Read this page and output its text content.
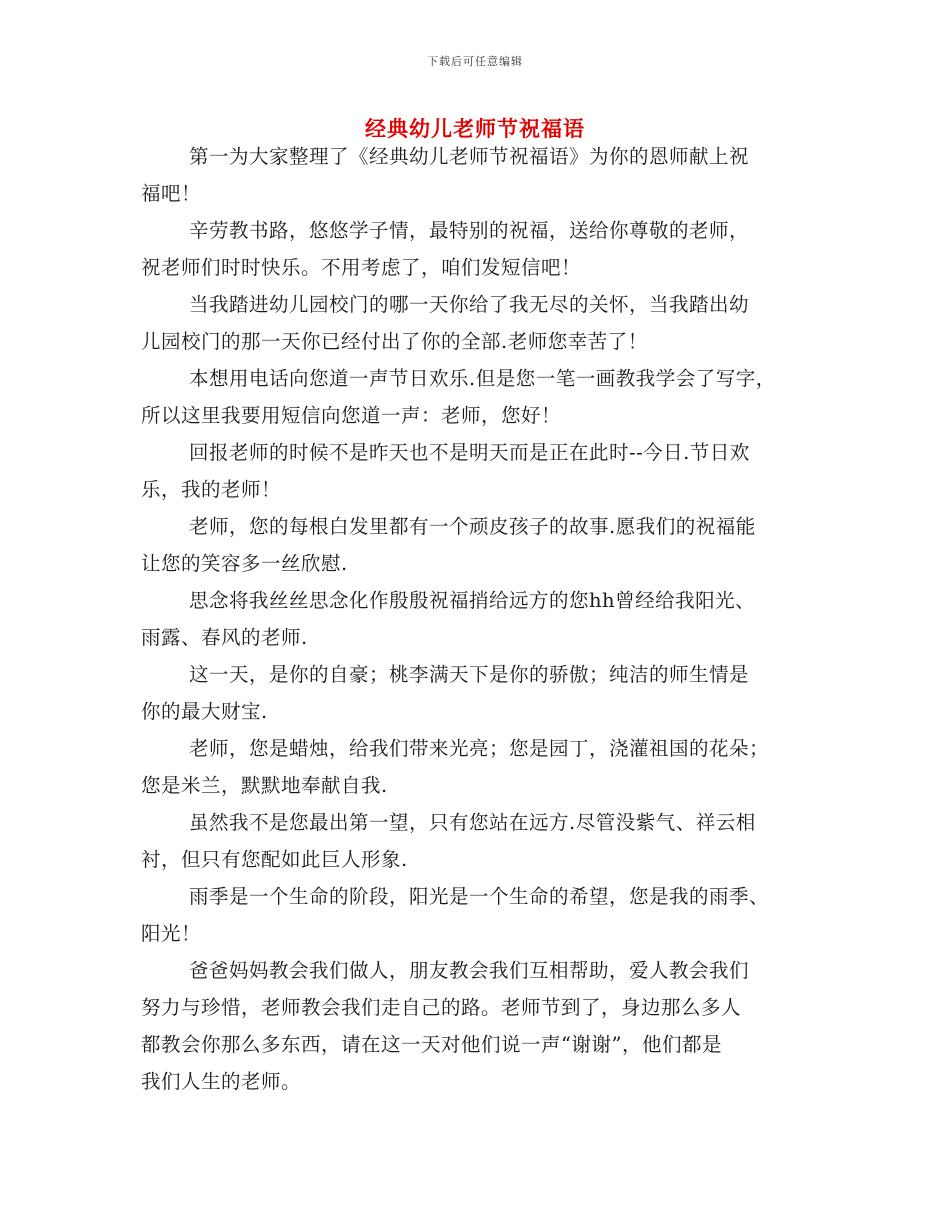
下载后可任意编辑
经典幼儿老师节祝福语

第一为大家整理了《经典幼儿老师节祝福语》为你的恩师献上祝
福吧！

辛劳教书路，悠悠学子情，最特别的祝福，送给你尊敬的老师，
祝老师们时时快乐。不用考虑了，咱们发短信吧！

当我踏进幼儿园校门的哪一天你给了我无尽的关怀，当我踏出幼
儿园校门的那一天你已经付出了你的全部.老师您幸苦了！

本想用电话向您道一声节日欢乐.但是您一笔一画教我学会了写字，
所以这里我要用短信向您道一声：老师，您好！

回报老师的时候不是昨天也不是明天而是正在此时--今日.节日欢
乐，我的老师！

老师，您的每根白发里都有一个顽皮孩子的故事.愿我们的祝福能
让您的笑容多一丝欣慰.

思念将我丝丝思念化作殷殷祝福捎给远方的您hh曾经给我阳光、
雨露、春风的老师.

这一天，是你的自豪；桃李满天下是你的骄傲；纯洁的师生情是
你的最大财宝.

老师，您是蜡烛，给我们带来光亮；您是园丁，浇灌祖国的花朵；
您是米兰，默默地奉献自我.

虽然我不是您最出第一望，只有您站在远方.尽管没紫气、祥云相
衬，但只有您配如此巨人形象.

雨季是一个生命的阶段，阳光是一个生命的希望，您是我的雨季、
阳光！

爸爸妈妈教会我们做人，朋友教会我们互相帮助，爱人教会我们
努力与珍惜，老师教会我们走自己的路。老师节到了，身边那么多人
都教会你那么多东西，请在这一天对他们说一声“谢谢”，他们都是
我们人生的老师。
